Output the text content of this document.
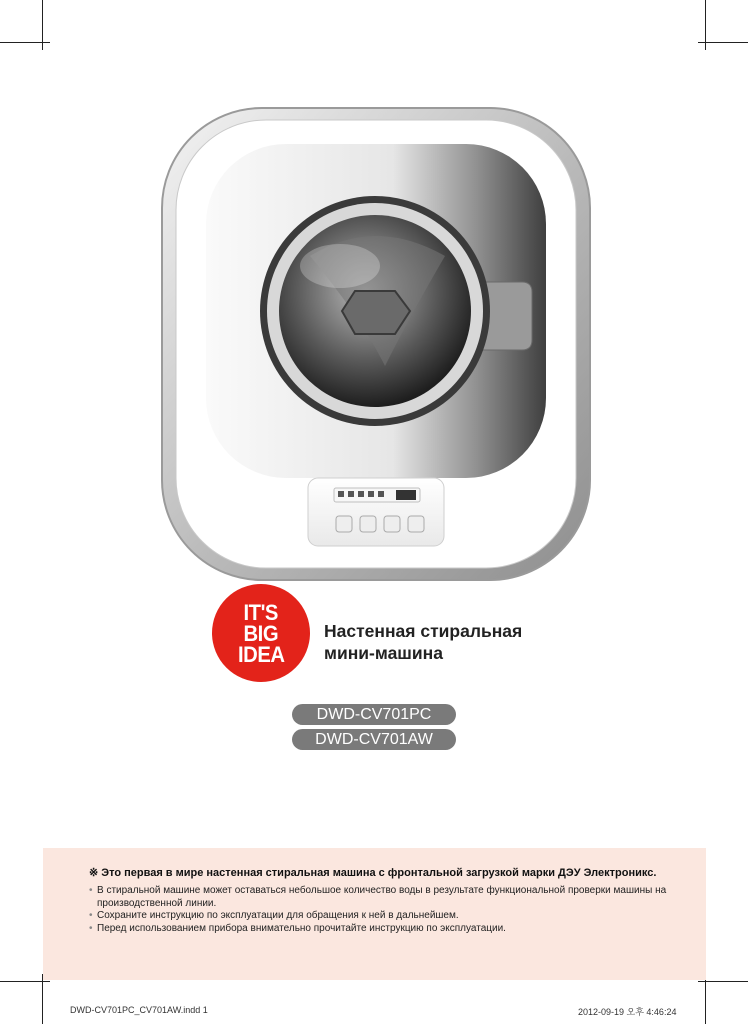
IT'S
BIG
IDEA
Настенная стиральная
мини-машина
DWD-CV701PC
DWD-CV701AW
※ Это первая в мире настенная стиральная машина с фронтальной загрузкой марки ДЭУ Электроникс.
• В стиральной машине может оставаться небольшое количество воды в результате функциональной проверки машины на производственной линии.
• Сохраните инструкцию по эксплуатации для обращения к ней в дальнейшем.
• Перед использованием прибора внимательно прочитайте инструкцию по эксплуатации.
DWD-CV701PC_CV701AW.indd 1	2012-09-19 오후 4:46:24
